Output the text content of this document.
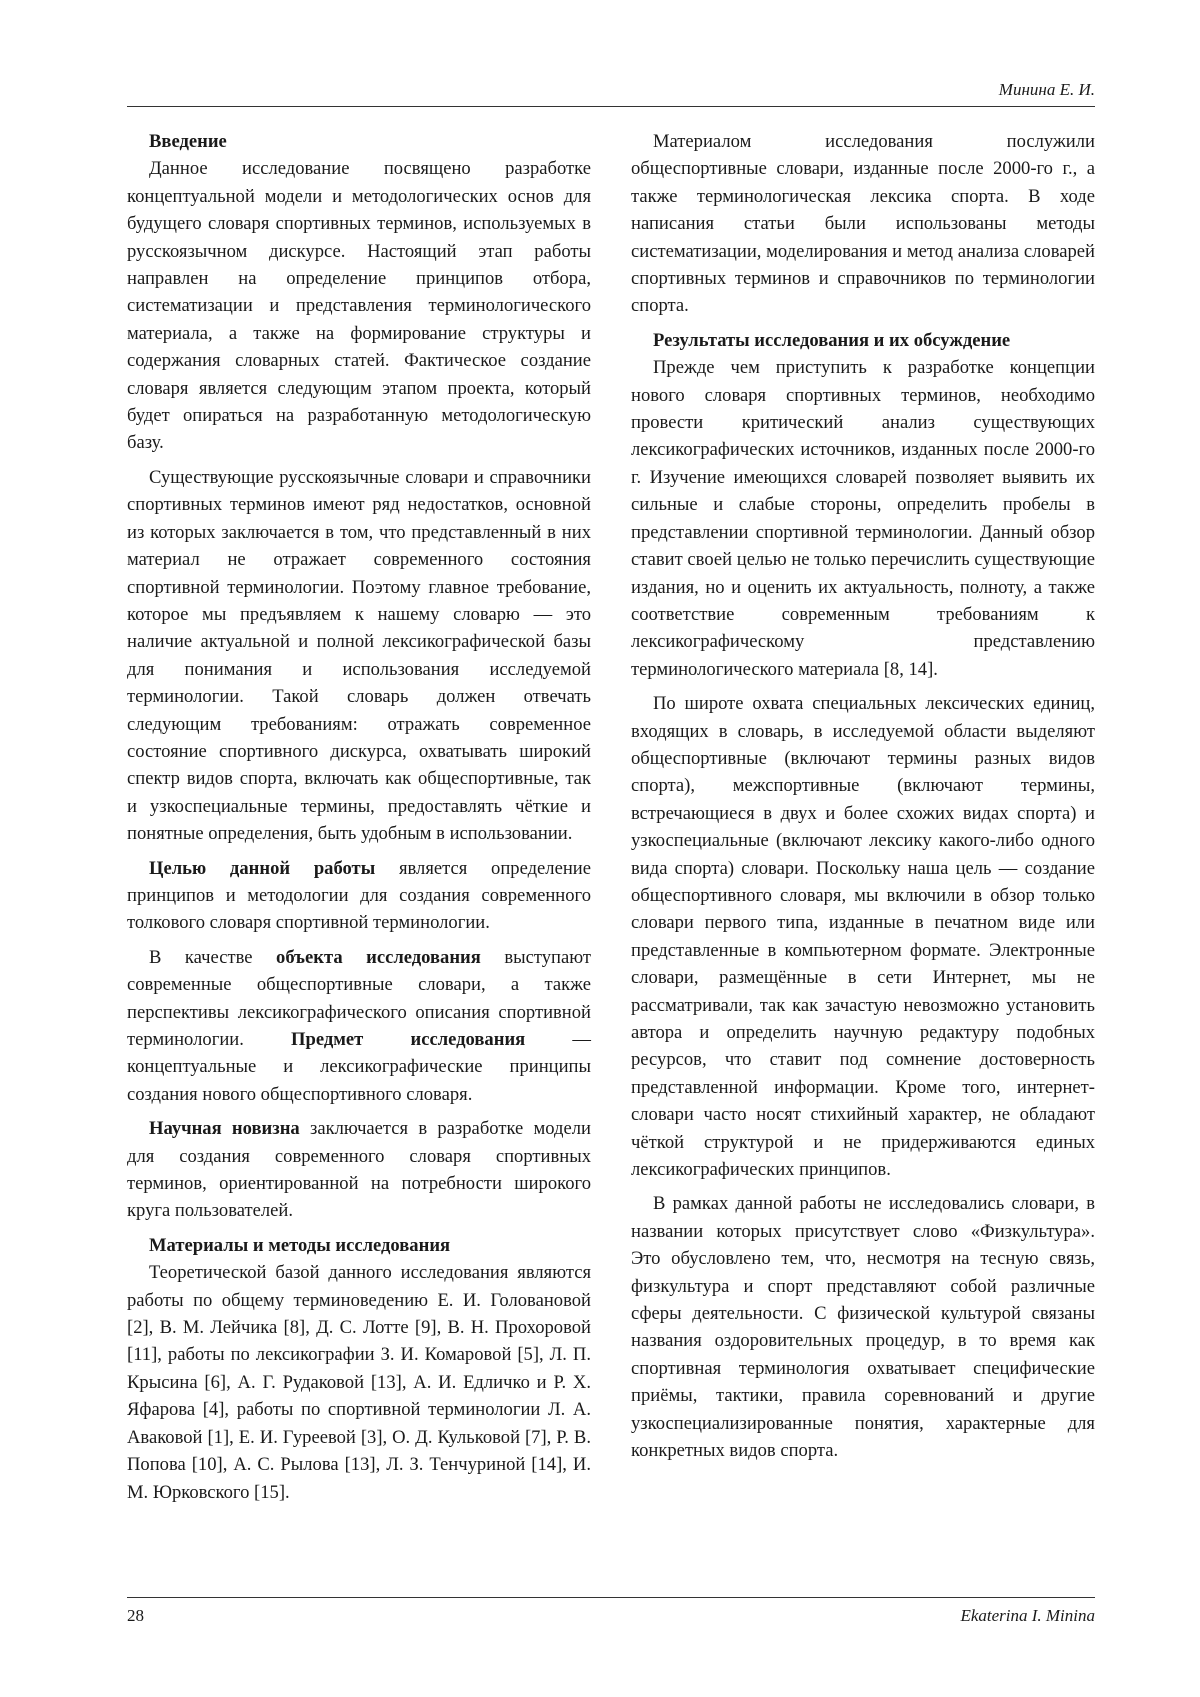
Минина Е. И.
Введение

Данное исследование посвящено разработке концептуальной модели и методологических основ для будущего словаря спортивных терминов, используемых в русскоязычном дискурсе. Настоящий этап работы направлен на определение принципов отбора, систематизации и представления терминологического материала, а также на формирование структуры и содержания словарных статей. Фактическое создание словаря является следующим этапом проекта, который будет опираться на разработанную методологическую базу.

Существующие русскоязычные словари и справочники спортивных терминов имеют ряд недостатков, основной из которых заключается в том, что представленный в них материал не отражает современного состояния спортивной терминологии. Поэтому главное требование, которое мы предъявляем к нашему словарю — это наличие актуальной и полной лексикографической базы для понимания и использования исследуемой терминологии. Такой словарь должен отвечать следующим требованиям: отражать современное состояние спортивного дискурса, охватывать широкий спектр видов спорта, включать как общеспортивные, так и узкоспециальные термины, предоставлять чёткие и понятные определения, быть удобным в использовании.

Целью данной работы является определение принципов и методологии для создания современного толкового словаря спортивной терминологии.

В качестве объекта исследования выступают современные общеспортивные словари, а также перспективы лексикографического описания спортивной терминологии. Предмет исследования — концептуальные и лексикографические принципы создания нового общеспортивного словаря.

Научная новизна заключается в разработке модели для создания современного словаря спортивных терминов, ориентированной на потребности широкого круга пользователей.

Материалы и методы исследования

Теоретической базой данного исследования являются работы по общему терминоведению Е. И. Головановой [2], В. М. Лейчика [8], Д. С. Лотте [9], В. Н. Прохоровой [11], работы по лексикографии З. И. Комаровой [5], Л. П. Крысина [6], А. Г. Рудаковой [13], А. И. Едличко и Р. Х. Яфарова [4], работы по спортивной терминологии Л. А. Аваковой [1], Е. И. Гуреевой [3], О. Д. Кульковой [7], Р. В. Попова [10], А. С. Рылова [13], Л. З. Тенчуриной [14], И. М. Юрковского [15].

Материалом исследования послужили общеспортивные словари, изданные после 2000-го г., а также терминологическая лексика спорта. В ходе написания статьи были использованы методы систематизации, моделирования и метод анализа словарей спортивных терминов и справочников по терминологии спорта.

Результаты исследования и их обсуждение

Прежде чем приступить к разработке концепции нового словаря спортивных терминов, необходимо провести критический анализ существующих лексикографических источников, изданных после 2000-го г. Изучение имеющихся словарей позволяет выявить их сильные и слабые стороны, определить пробелы в представлении спортивной терминологии. Данный обзор ставит своей целью не только перечислить существующие издания, но и оценить их актуальность, полноту, а также соответствие современным требованиям к лексикографическому представлению терминологического материала [8, 14].

По широте охвата специальных лексических единиц, входящих в словарь, в исследуемой области выделяют общеспортивные (включают термины разных видов спорта), межспортивные (включают термины, встречающиеся в двух и более схожих видах спорта) и узкоспециальные (включают лексику какого-либо одного вида спорта) словари. Поскольку наша цель — создание общеспортивного словаря, мы включили в обзор только словари первого типа, изданные в печатном виде или представленные в компьютерном формате. Электронные словари, размещённые в сети Интернет, мы не рассматривали, так как зачастую невозможно установить автора и определить научную редактуру подобных ресурсов, что ставит под сомнение достоверность представленной информации. Кроме того, интернет-словари часто носят стихийный характер, не обладают чёткой структурой и не придерживаются единых лексикографических принципов.

В рамках данной работы не исследовались словари, в названии которых присутствует слово «Физкультура». Это обусловлено тем, что, несмотря на тесную связь, физкультура и спорт представляют собой различные сферы деятельности. С физической культурой связаны названия оздоровительных процедур, в то время как спортивная терминология охватывает специфические приёмы, тактики, правила соревнований и другие узкоспециализированные понятия, характерные для конкретных видов спорта.

28	Ekaterina I. Minina
